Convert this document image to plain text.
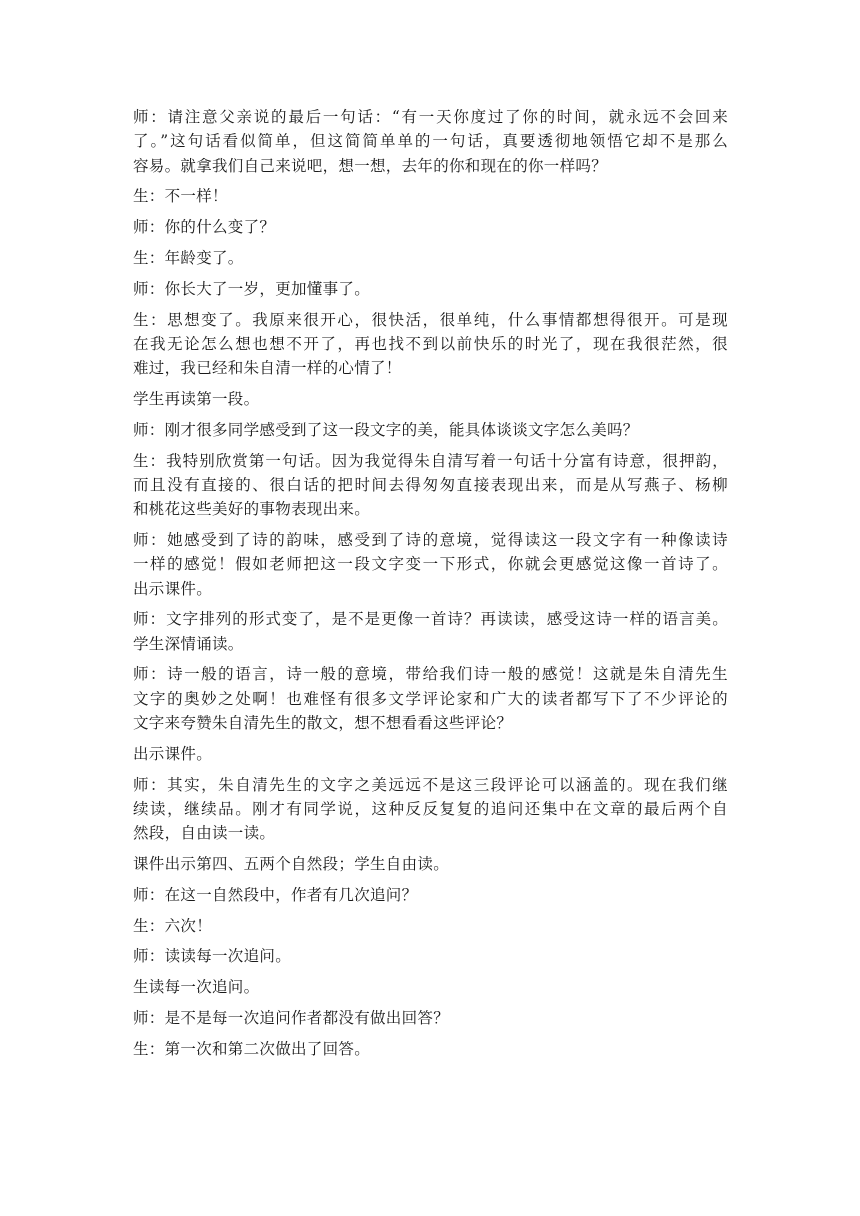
师：请注意父亲说的最后一句话：“有一天你度过了你的时间，就永远不会回来
了。”这句话看似简单，但这简简单单的一句话，真要透彻地领悟它却不是那么
容易。就拿我们自己来说吧，想一想，去年的你和现在的你一样吗？
生：不一样！
师：你的什么变了？
生：年龄变了。
师：你长大了一岁，更加懂事了。
生：思想变了。我原来很开心，很快活，很单纯，什么事情都想得很开。可是现
在我无论怎么想也想不开了，再也找不到以前快乐的时光了，现在我很茫然，很
难过，我已经和朱自清一样的心情了！
学生再读第一段。
师：刚才很多同学感受到了这一段文字的美，能具体谈谈文字怎么美吗？
生：我特别欣赏第一句话。因为我觉得朱自清写着一句话十分富有诗意，很押韵，
而且没有直接的、很白话的把时间去得匆匆直接表现出来，而是从写燕子、杨柳
和桃花这些美好的事物表现出来。
师：她感受到了诗的韵味，感受到了诗的意境，觉得读这一段文字有一种像读诗
一样的感觉！假如老师把这一段文字变一下形式，你就会更感觉这像一首诗了。
出示课件。
师：文字排列的形式变了，是不是更像一首诗？再读读，感受这诗一样的语言美。
学生深情诵读。
师：诗一般的语言，诗一般的意境，带给我们诗一般的感觉！这就是朱自清先生
文字的奥妙之处啊！也难怪有很多文学评论家和广大的读者都写下了不少评论的
文字来夸赞朱自清先生的散文，想不想看看这些评论？
出示课件。
师：其实，朱自清先生的文字之美远远不是这三段评论可以涵盖的。现在我们继
续读，继续品。刚才有同学说，这种反反复复的追问还集中在文章的最后两个自
然段，自由读一读。
课件出示第四、五两个自然段；学生自由读。
师：在这一自然段中，作者有几次追问？
生：六次！
师：读读每一次追问。
生读每一次追问。
师：是不是每一次追问作者都没有做出回答？
生：第一次和第二次做出了回答。
